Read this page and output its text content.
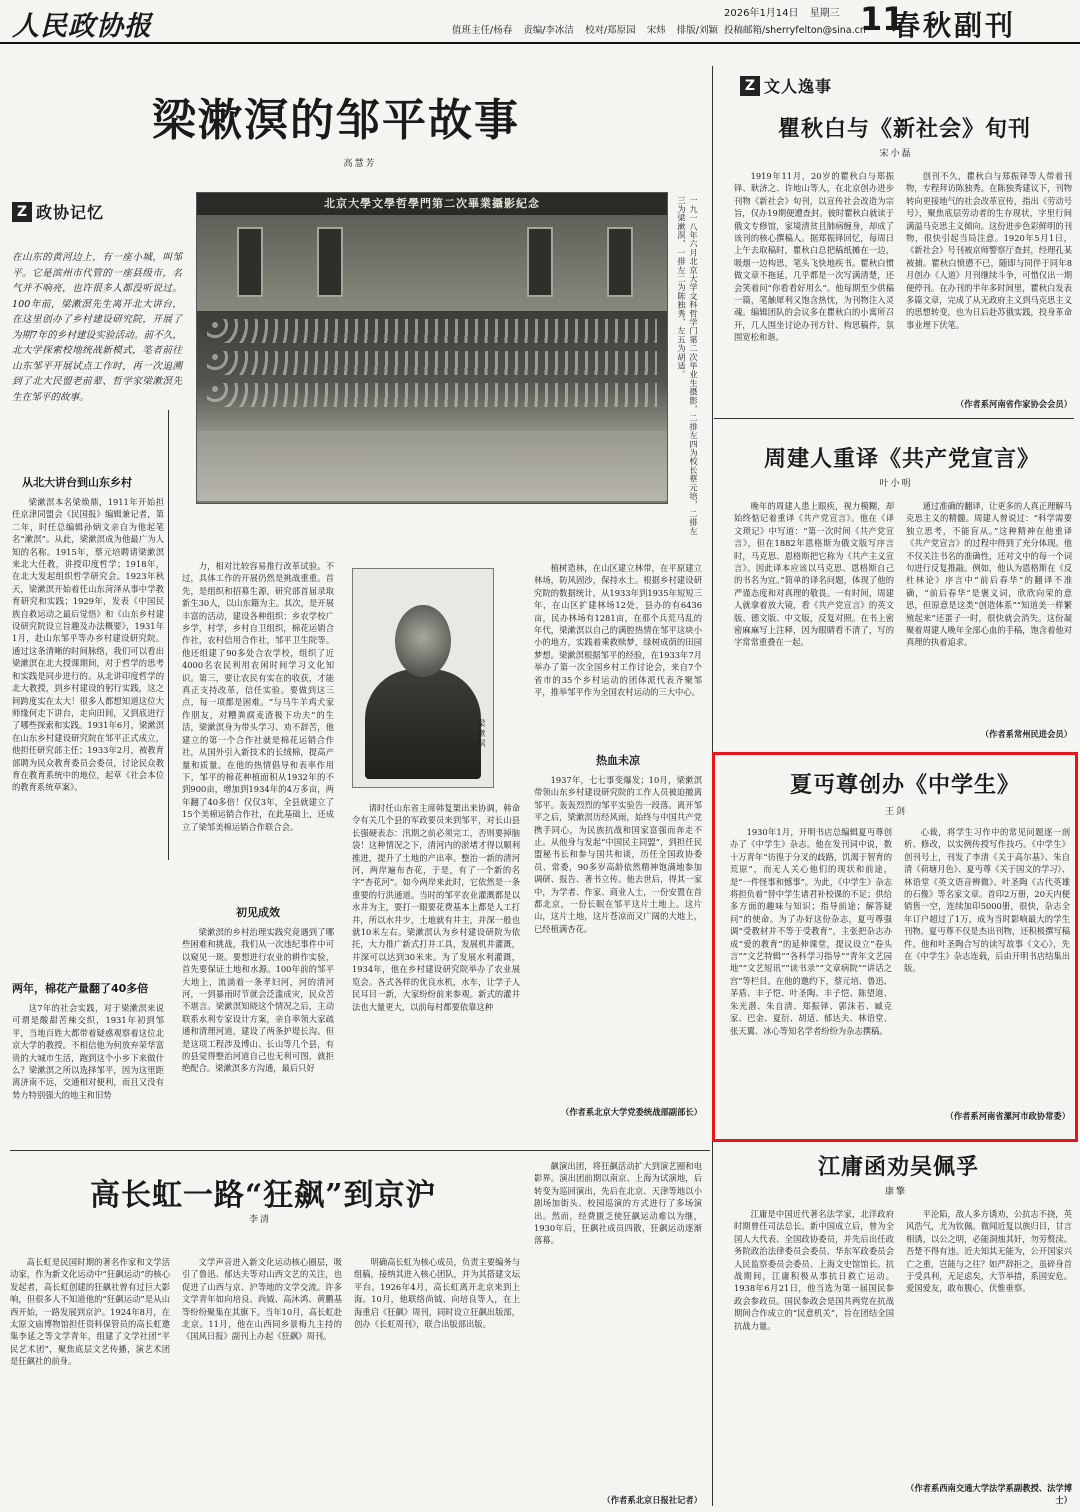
人民政协报	值班主任/杨春 责编/李冰洁 校对/郑原园 宋炜 排版/刘颖
2026年1月14日 星期三
投稿邮箱/sherryfelton@sina.cn
11
春秋副刊
梁漱溟的邹平故事
高慧芳
Z 政协记忆
在山东的黄河边上，有一座小城，叫邹平。它是滨州市代管的一座县级市，名气并不响亮，也许很多人都没听说过。100年前，梁漱溟先生离开北大讲台，在这里创办了乡村建设研究院，开展了为期7年的乡村建设实验活动。前不久，北大学探索校地统战新模式，笔者前往山东邹平开展试点工作时，再一次追溯到了北大民盟老前辈、哲学家梁漱溟先生在邹平的故事。
北京大學文學哲學門第二次畢業攝影紀念	一九一八年六月北京大学文科哲学门第二次毕业生摄影，二排左四为校长蔡元培，二排左三为梁漱溟，一排左二为陈独秀，左五为胡适。
从北大讲台到山东乡村

梁漱溟本名梁焕鼎，1911年开始担任京津同盟会《民国报》编辑兼记者，第二年，时任总编辑孙炳文亲自为他起笔名“漱溟”。从此，梁漱溟成为他最广为人知的名称。1915年，蔡元培聘请梁漱溟来北大任教，讲授印度哲学；1918年，在北大发起组织哲学研究会。1923年秋天，梁漱溟开始着任山东菏泽从事中学教育研究和实践；1929年，发表《中国民族自救运动之最后觉悟》和《山东乡村建设研究院设立旨趣及办法概要》，1931年1月，赴山东邹平等办乡村建设研究院。通过这条清晰的时间脉络，我们可以看出梁漱溟在北大授课期间，对于哲学的思考和实践是同步进行的。从北讲印度哲学的北大教授，到乡村建设的躬行实践，这之间跨度实在太大！很多人都想知道这位大师缘何走下讲台，走向田间，又到底进行了哪些探索和实践。1931年6月，梁漱溟在山东乡村建设研究院在邹平正式成立，他担任研究部主任；1933年2月，被教育部聘为民众教育委员会委员，讨论民众教育在教育系统中的地位，起草《社会本位的教育系统草案》。

两年，棉花产量翻了40多倍

这7年的社会实践，对于梁漱溟来说可谓是酸甜苦辣交织，1931年初到邹平，当地百姓大都带着疑惑观察着这位北京大学的教授。不相信他为何放弃荣华富贵的大城市生活，跑到这个小乡下来做什么？梁漱溟之所以选择邹平，因为这里距离济南不远，交通相对便利，而且又没有势力特别强大的地主和旧势

力，相对比较容易推行改革试验。不过，具体工作的开展仍然是挑战重重。首先，是组织和招募生源，研究部首届录取新生30人，以山东籍为主。其次，是开展丰富的活动，建设各种组织：乡农学校广乡学，村学，乡村自卫组织，棉花运销合作社，农村信用合作社，邹平卫生院等。他还组建了90多处合农学校，组织了近4000名农民利用农闲时间学习文化知识。第三，要让农民有实在的收获，才能真正支持改革，信任实验。要做到这三点，每一项都是困难。“与马牛羊鸡犬家作朋友，对糟粪腐麦渣极下功夫”的生活，梁漱溟身为带头学习、劝不辞苦，他建立的第一个合作社就是棉花运销合作社，从国外引入新技术的长绒棉，提高产量和质量。在他的热情倡导和表率作用下，邹平的棉花种植面积从1932年的不到900亩，增加到1934年的4万多亩，两年翻了40多倍！仅仅3年，全县就建立了15个美棉运销合作社，在此基础上，还成立了梁邹美棉运销合作联合会。

初见成效

梁漱溟的乡村治理实践究竟遇到了哪些困难和挑战，我们从一次违纪事件中可以窥见一斑。要想进行农业的耕作实验，首先要保证土地和水源。100年前的邹平大地上，流淌着一条孝妇河，河的清河河，一到暴雨时节就会泛滥成灾，民众苦不堪言。梁漱溟知晓这个情况之后，主动联系水利专家设计方案，亲自率领大家疏通和清理河道，建设了两条护堤长沟。但是这项工程涉及博山、长山等几个县，有的县觉得整治河道自己也无利可图，就拒绝配合。梁漱溟多方沟通，最后只好

梁漱溟

请时任山东省主席韩复榘出来协调，韩命令有关几个县的军政要员来到邹平，对长山县长强硬表态：汛期之前必须完工，否则要掉脑袋！这种情况之下，清河内的淤堵才得以顺利推进，提升了土地的产出率。整治一新的清河河，两岸遍布杏花，于是，有了一个新的名字“杏花河”。如今两岸来此时，它依然是一条重要的行洪通道。当时的邹平农业灌溉都是以水井为主，要打一眼要花费基本上都是人工打井，所以水井少，土地就有井主，并深一般也就10米左右。梁漱溟认为乡村建设研院为依托，大力推广新式打井工具，发展机井灌溉，井深可以达到30米来。为了发展水利灌溉，1934年，他在乡村建设研究院举办了农业展览会。各式各样的优良水机，水车，让学子人民耳目一新，大家纷纷前来参观。新式的灌井法也大量更大，以前每村都要依靠这种

植树造林，在山区建立林带，在平原建立林场，防风固沙，保持水土。根据乡村建设研究院的数据统计，从1933年到1935年短短三年，在山区扩建林场12处，县办的有6436亩，民办林场有1281亩，在那个兵荒马乱的年代，梁漱溟以自己的满腔热情在邹平这块小小的地方，实践着乘救赎梦，绿树成荫的田园梦想。梁漱溟根据邹平的经验，在1933年7月举办了第一次全国乡村工作讨论会，来自7个省市的35个乡村运动的团体派代表齐聚邹平，推举邹平作为全国农村运动的三大中心。

热血未凉

1937年，七七事变爆发；10月，梁漱溟带领山东乡村建设研究院的工作人员被迫撤离邹平。轰轰烈烈的邹平实验告一段落。离开邹平之后，梁漱溟历经风雨，始终与中国共产党携手同心，为民族抗战和国家富强而奔走不止。从他身与发起“中国民主同盟”，到担任民盟秘书长和参与国共和谈，历任全国政协委员、常委，90多岁高龄依然精神饱满地参加调研、报告、著书立传。他去世后，得其一家中，为学者、作家、商业人士，一份安置在首都北京，一份长眠在邹平这片土地上。这片山，这片土地，这片苍凉而又广阔的大地上，已经植满杏花。

（作者系北京大学党委统战部副部长）
Z 文人逸事
瞿秋白与《新社会》旬刊
宋小磊

1919年11月，20岁的瞿秋白与郑振铎、耿济之、许地山等人，在北京创办进步刊物《新社会》旬刊，以宣传社会改造为宗旨，仅办19期便遭查封。彼时瞿秋白就读于俄文专修馆，家境清贫且肺病缠身，却成了该刊的核心撰稿人。据郑振铎回忆，每周日上午去取稿时，瞿秋白总把稿纸摊在一边，吸烟一边构思，笔头飞快地疾书。瞿秋白惯做文章不拖延，几乎都是一次写满清楚，还会笑着问“你看看好用么”。他每期至少供稿一篇，笔触犀利又饱含热忱，为刊物注入灵魂。编辑团队的会议多在瞿秋白的小寓所召开，几人围坐讨论办刊方针、构思稿件，氛围宽松和谐。

创刊不久，瞿秋白与郑振铎等人带着刊物，专程拜访陈独秀。在陈独秀建议下，刊物转向更接地气的社会改革宣传，指出《劳动号号》，聚焦底层劳动者的生存现状，字里行间满溢马克思主义倾向。这份进步色彩鲜明的刊物，很快引起当局注意。1920年5月1日，《新社会》号刊被京师警察厅查封，经理孔某被捕。瞿秋白愤懑不已，随即与同伴于同年8月创办《人道》月刊继续斗争，可惜仅出一期便停刊。在办刊的半年多时间里，瞿秋白发表多篇文章，完成了从无政府主义到马克思主义的思想转变，也为日后赴苏俄实践，投身革命事业埋下伏笔。

（作者系河南省作家协会会员）
周建人重译《共产党宣言》
叶小明

晚年的周建人患上眼疾，视力模糊，却始终惦记着重译《共产党宣言》。他在《译文琐记》中写道：“第一次时间《共产党宣言》，但在1882年恩格斯为俄文版写序言时，马克思、恩格斯把它称为《共产主义宣言》。因此译本应该以马克思、恩格斯自己的书名为宜。”简单的译名问题，体现了他的严谨态度和对真理的敬畏。一有时间，周建人就拿着放大镜，看《共产党宣言》的英文版、德文版、中文版，反复对照。在书上密密麻麻写上注释，因为眼睛看不清了，写的字常常重叠在一起。

通过准确的翻译，让更多的人真正理解马克思主义的精髓。周建人曾说过：“科学需要独立思考，不能盲从。”这种精神在他重译《共产党宣言》的过程中得到了充分体现。他不仅关注书名的准确性，还对文中的每一个词句进行反复推敲。例如，他认为恩格斯在《反杜林论》序言中“前后春华”的翻译不准确，“前后春华”是褒义词，欣欣向荣的意思，但原意是这类“创造体系”“知道美一样繁殖起来”还蛋子一时，很快就会消失。这份凝聚着周建人晚年全部心血的手稿，饱含着他对真理的执着追求。

（作者系常州民进会员）
夏丏尊创办《中学生》
王剑

1930年1月，开明书店总编辑夏丏尊创办了《中学生》杂志。他在发刊词中说，数十万青年“彷徨于分叉的歧路，饥渴于智育的荒原”，而无人关心他们的现状和前途，是“一件怪事和憾事”。为此，《中学生》杂志将担负着“替中学生诸君补校课的不足；供给多方面的趣味与知识；指导前途；解答疑问”的使命。为了办好这份杂志，夏丏尊强调“受教材并不等于受教育”，主张把杂志办成“爱的教育”的延伸课堂，提议设立“卷头言”“文艺特辑”“各科学习指导”“青年文艺园地”“文艺短讯”“读书录”“文章病院”“讲话之宫”等栏目。在他的邀约下，蔡元培、鲁迅、茅盾、丰子恺、叶圣陶、丰子恺、陈望道、朱光潜、朱自清、郑振铎、郭沫若、臧克家、巴金、夏衍、胡适、郁达夫、林语堂、张天翼、冰心等知名学者纷纷为杂志撰稿。

心裁，将学生习作中的常见问题逐一剖析、修改，以实例传授写作技巧。《中学生》创刊号上，刊发了李清《关于高尔基》、朱自清《荷塘月色》、夏丏尊《关于国文的学习》、林语堂《英文语音辨微》、叶圣陶《古代英雄的石像》等名家文章。首印2万册，20天内便销售一空，连续加印5000册，很快，杂志全年订户超过了1万，成为当时影响最大的学生刊物。夏丏尊不仅是杰出刊物，还积极撰写稿件。他和叶圣陶合写的读写故事《文心》，先在《中学生》杂志连载，后由开明书店结集出版。

（作者系河南省漯河市政协常委）
高长虹一路“狂飙”到京沪
李清

高长虹是民国时期的著名作家和文学活动家，作为新文化运动中“狂飙运动”的核心发起者，高长虹创建的狂飙社曾有过巨大影响，但很多人不知道他的“狂飙运动”是从山西开始，一路发展到京沪。1924年8月，在太原文庙博物馆担任资料保管员的高长虹邀集李延之等文学青年，组建了文学社团“平民艺术团”，聚焦底层文艺传播，演艺术团是狂飙社的前身。

文学声音进入新文化运动核心圈层，吸引了鲁迅、郁达夫等对山西文艺的关注，也促进了山西与京、沪等地的文学交流。许多文学青年如向培良、尚钺、高沐鸿、黄鹏基等纷纷聚集在其旗下。当年10月，高长虹赴北京。11月，他在山西同乡景梅九主持的《国风日报》副刊上办起《狂飙》周刊。

明确高长虹为核心成员，负责主要编务与组稿，接纳其进入核心团队，并为其搭建文坛平台。1926年4月，高长虹离开北京来到上海。10月，他联络尚钺、向培良等人，在上海重启《狂飙》周刊，同时设立狂飙出版部，创办《长虹周刊》，联合出版部出版。

飙演出团，将狂飙活动扩大到演艺圈和电影界。演出团前期以南京、上海为试演地，后转变为巡回演出，先后在北京、天津等地以小剧场加街头、校园巡演的方式进行了多场演出。然而，经费匮乏使狂飙运动难以为继，1930年后，狂飙社成员四散，狂飙运动逐渐落幕。

（作者系北京日报社记者）
江庸函劝吴佩孚
康擎

江庸是中国近代著名法学家，北洋政府时期曾任司法总长。新中国成立后，曾为全国人大代表、全国政协委员，并先后出任政务院政治法律委员会委员、华东军政委员会人民监察委员会委员、上海文史馆馆长。抗战期间，江庸积极从事抗日救亡运动。1938年6月21日，他当选为第一届国民参政会参政员。国民参政会是国共两党在抗战期间合作成立的“民意机关”，旨在团结全国抗战力量。

平沦陷，敌人多方诱劝，公抗志不挠，英风浩气，尤为钦佩。微闻近复以族归目，甘言相诱，以公之明，必能洞烛其奸，勿劳赘渎。吾楚不得有违。近夫知其无能为，公开国家兴亡之重，岂能与之往？如严辞拒之，虽碎身首于受具利，无足虑矣，大节举措，系国安危。爱国爱友，敢布腹心，伏惟垂察。

（作者系西南交通大学法学系副教授、法学博士）
